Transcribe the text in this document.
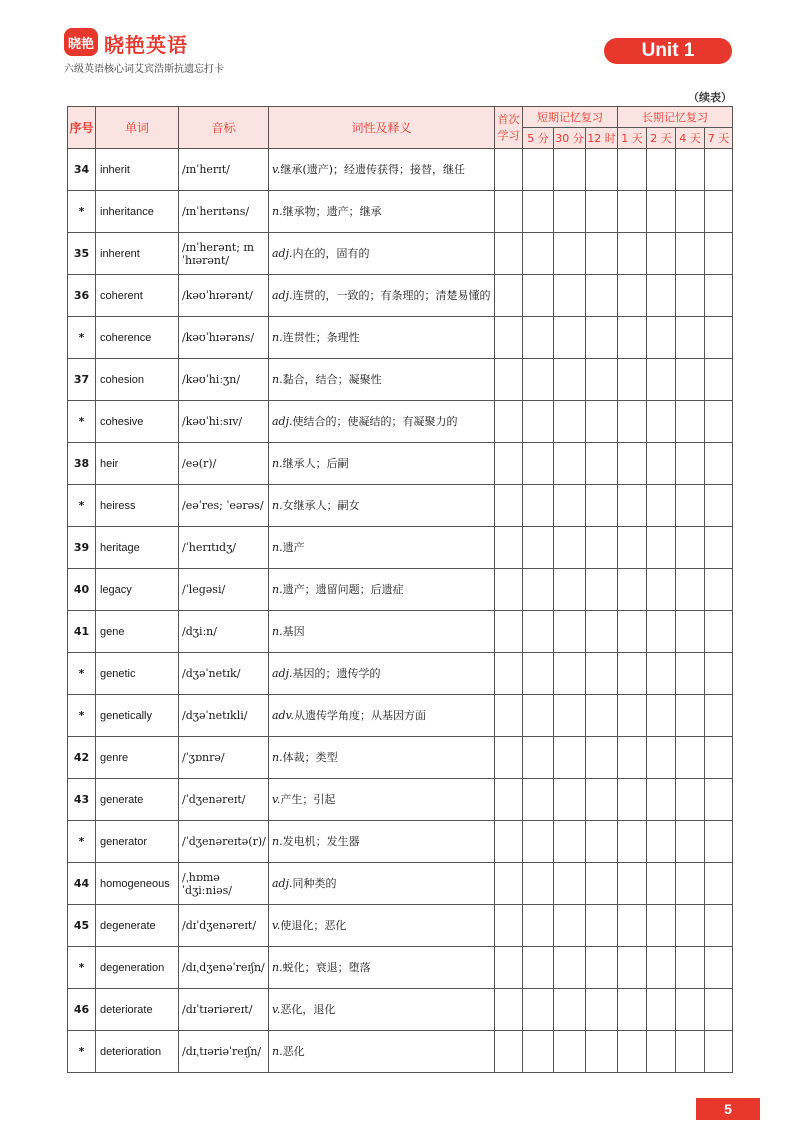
晓艳 晓艳英语
六级英语核心词艾宾浩斯抗遗忘打卡
Unit 1
（续表）
序号	单词	音标	词性及释义	首次学习	短期记忆复习			长期记忆复习			
					5 分	30 分	12 时	1 天	2 天	4 天	7 天
34	inherit	/ɪnˈherɪt/	v.继承(遗产)；经遗传获得；接替，继任								
*	inheritance	/ɪnˈherɪtəns/	n.继承物；遗产；继承								
35	inherent	/ɪnˈherənt; ɪnˈhɪərənt/	adj.内在的，固有的								
36	coherent	/kəʊˈhɪərənt/	adj.连贯的，一致的；有条理的；清楚易懂的								
*	coherence	/kəʊˈhɪərəns/	n.连贯性；条理性								
37	cohesion	/kəʊˈhiːʒn/	n.黏合，结合；凝聚性								
*	cohesive	/kəʊˈhiːsɪv/	adj.使结合的；使凝结的；有凝聚力的								
38	heir	/eə(r)/	n.继承人；后嗣								
*	heiress	/eəˈres; ˈeərəs/	n.女继承人；嗣女								
39	heritage	/ˈherɪtɪdʒ/	n.遗产								
40	legacy	/ˈlegəsi/	n.遗产；遗留问题；后遗症								
41	gene	/dʒiːn/	n.基因								
*	genetic	/dʒəˈnetɪk/	adj.基因的；遗传学的								
*	genetically	/dʒəˈnetɪkli/	adv.从遗传学角度；从基因方面								
42	genre	/ˈʒɒnrə/	n.体裁；类型								
43	generate	/ˈdʒenəreɪt/	v.产生；引起								
*	generator	/ˈdʒenəreɪtə(r)/	n.发电机；发生器								
44	homogeneous	/ˌhɒməˈdʒiːniəs/	adj.同种类的								
45	degenerate	/dɪˈdʒenəreɪt/	v.使退化；恶化								
*	degeneration	/dɪˌdʒenəˈreɪʃn/	n.蜕化；衰退；堕落								
46	deteriorate	/dɪˈtɪəriəreɪt/	v.恶化，退化								
*	deterioration	/dɪˌtɪəriəˈreɪʃn/	n.恶化								
5
